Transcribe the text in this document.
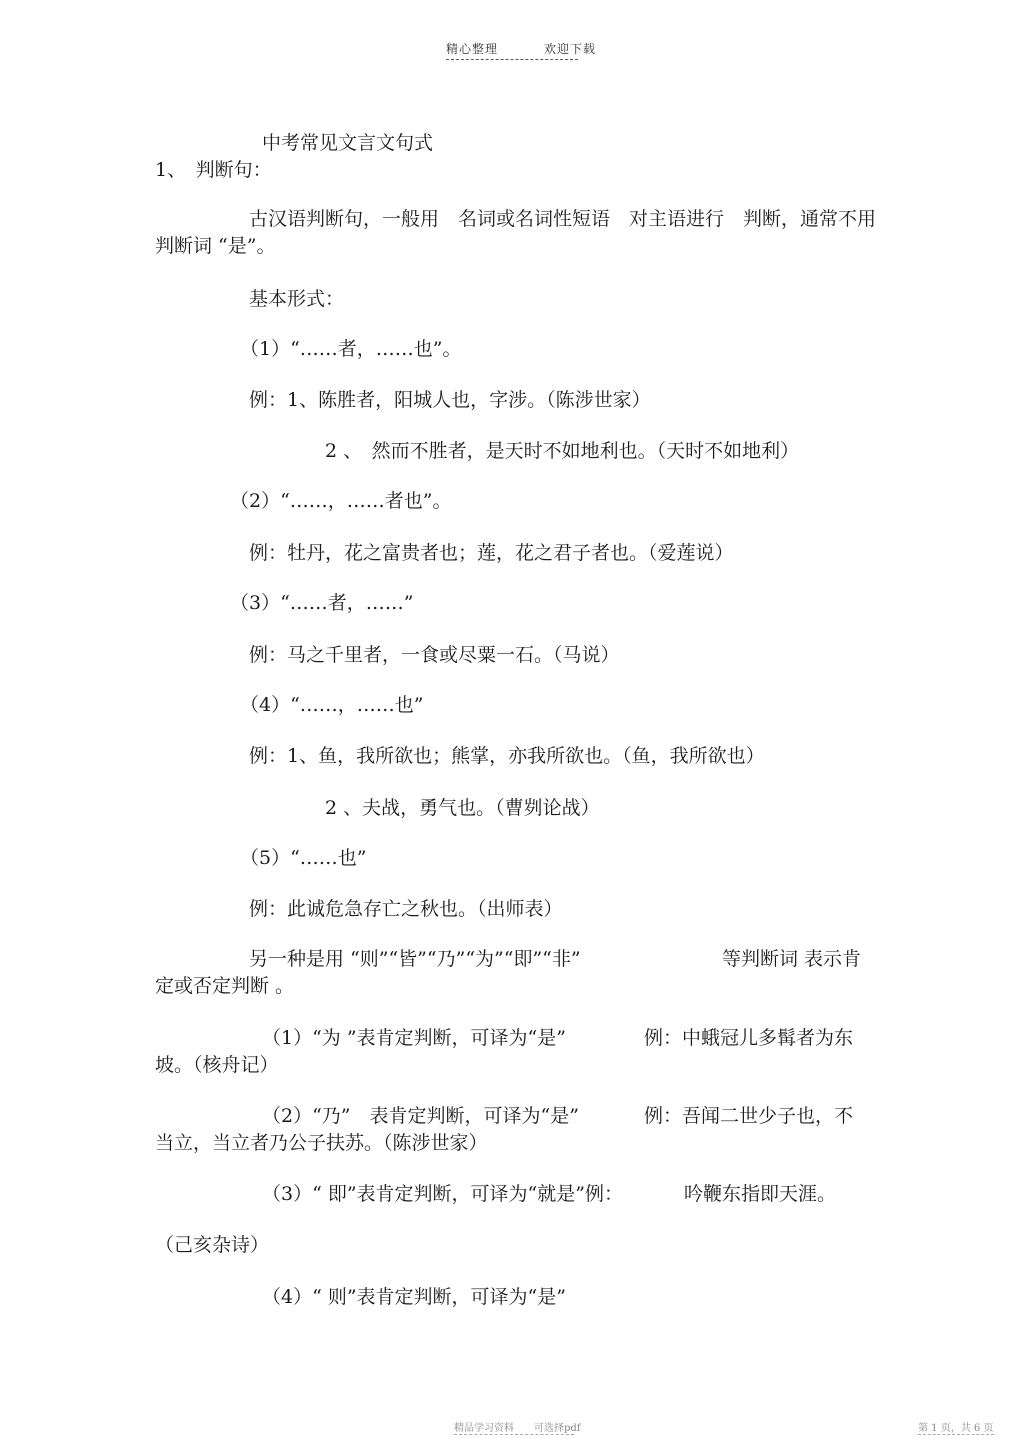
精心整理	欢迎下载
中考常见文言文句式
1、　判断句：
古汉语判断句，一般用　名词或名词性短语　对主语进行　判断，通常不用
判断词 “是”。
基本形式：
（1）“……者，……也”。
例：1、陈胜者，阳城人也，字涉。（陈涉世家）
2 、　然而不胜者，是天时不如地利也。（天时不如地利）
（2）“……，……者也”。
例：牡丹，花之富贵者也；莲，花之君子者也。（爱莲说）
（3）“……者，……”
例：马之千里者，一食或尽粟一石。（马说）
（4）“……，……也”
例：1、鱼，我所欲也；熊掌，亦我所欲也。（鱼，我所欲也）
2 、夫战，勇气也。（曹刿论战）
（5）“……也”
例：此诚危急存亡之秋也。（出师表）
另一种是用 “则”“皆”“乃”“为”“即”“非”	等判断词 表示肯
定或否定判断 。
（1）“为 ”表肯定判断，可译为“是”	例：中蛾冠儿多髯者为东
坡。（核舟记）
（2）“乃”　表肯定判断，可译为“是”	例：吾闻二世少子也，不
当立，当立者乃公子扶苏。（陈涉世家）
（3）“ 即”表肯定判断，可译为“就是”例：	吟鞭东指即天涯。
（己亥杂诗）
（4）“ 则”表肯定判断，可译为“是”
精品学习资料　　可选择pdf	第 1 页，共 6 页
